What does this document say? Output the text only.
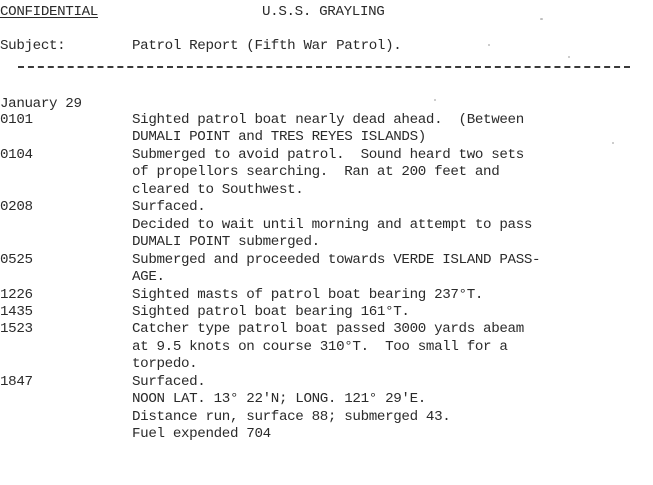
CONFIDENTIAL	U.S.S. GRAYLING
Subject:	Patrol Report (Fifth War Patrol).
January 29
0101	Sighted patrol boat nearly dead ahead.  (Between
DUMALI POINT and TRES REYES ISLANDS)
0104	Submerged to avoid patrol.  Sound heard two sets
of propellors searching.  Ran at 200 feet and
cleared to Southwest.
0208	Surfaced.
Decided to wait until morning and attempt to pass
DUMALI POINT submerged.
0525	Submerged and proceeded towards VERDE ISLAND PASS-
AGE.
1226	Sighted masts of patrol boat bearing 237°T.
1435	Sighted patrol boat bearing 161°T.
1523	Catcher type patrol boat passed 3000 yards abeam
at 9.5 knots on course 310°T.  Too small for a
torpedo.
1847	Surfaced.
NOON LAT. 13° 22'N; LONG. 121° 29'E.
Distance run, surface 88; submerged 43.
Fuel expended 704
